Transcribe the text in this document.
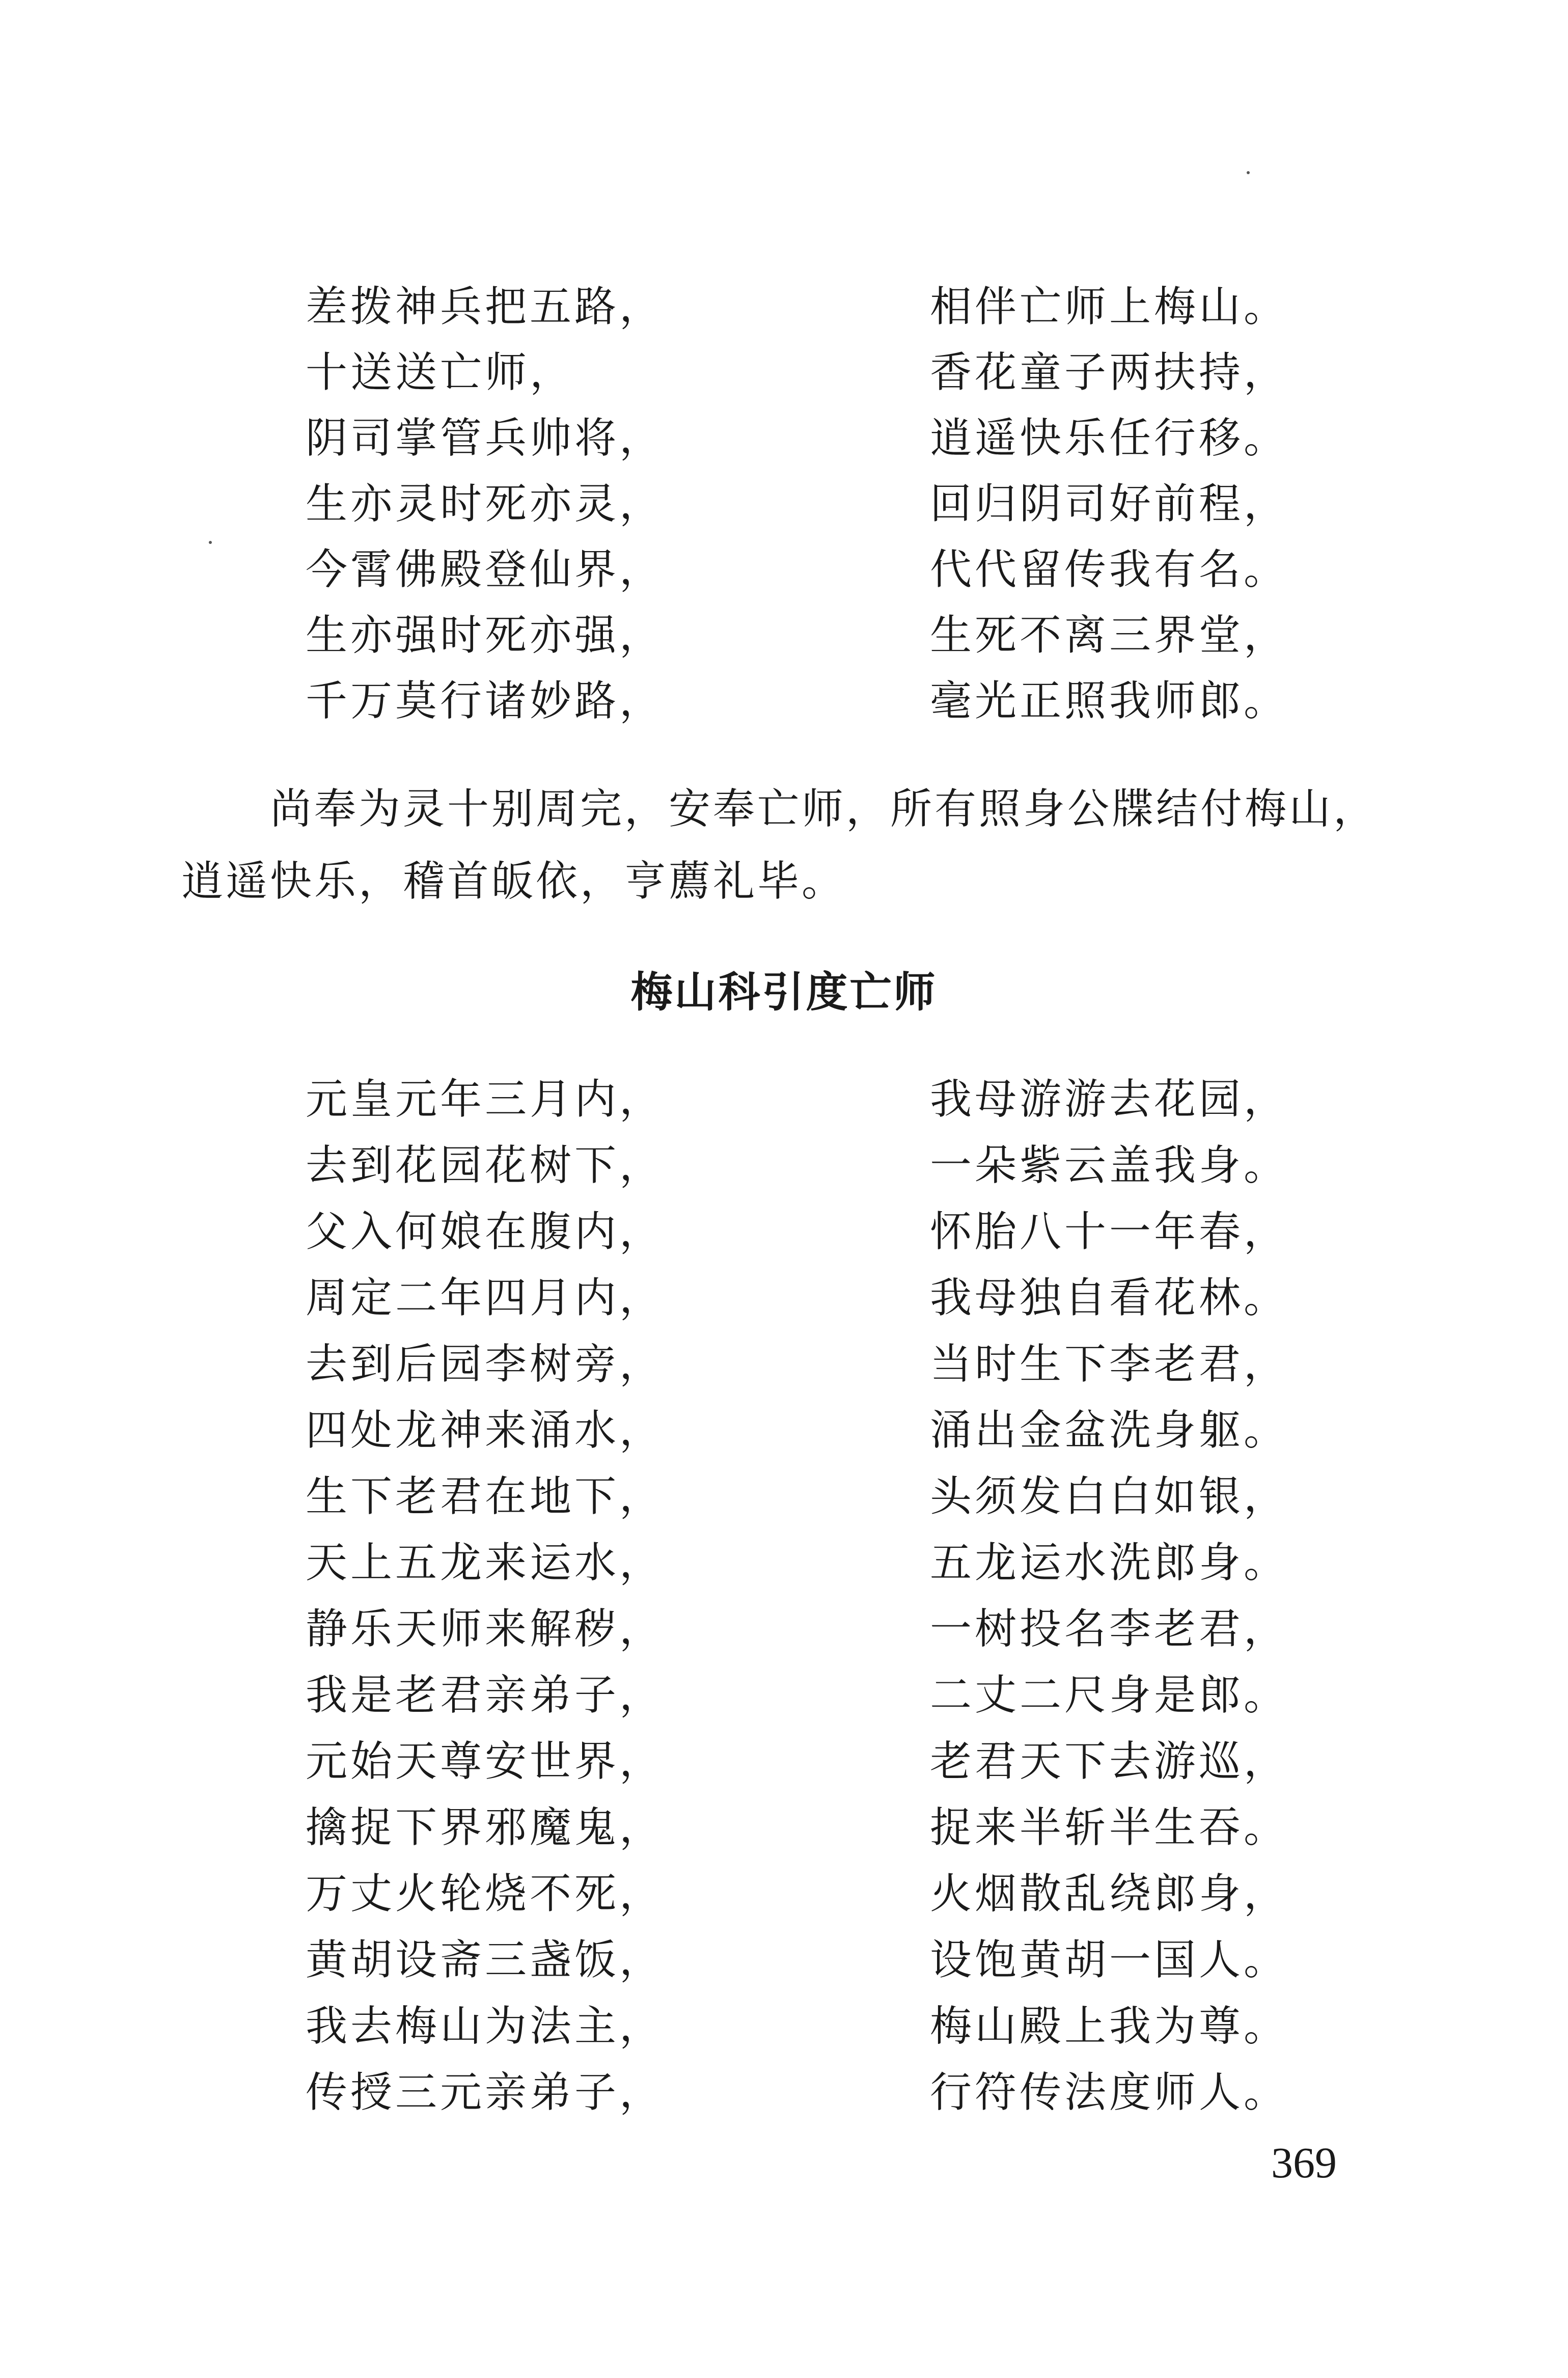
差拨神兵把五路，	相伴亡师上梅山。
十送送亡师，	香花童子两扶持，
阴司掌管兵帅将，	逍遥快乐任行移。
生亦灵时死亦灵，	回归阴司好前程，
今霄佛殿登仙界，	代代留传我有名。
生亦强时死亦强，	生死不离三界堂，
千万莫行诸妙路，	毫光正照我师郎。

尚奉为灵十别周完，安奉亡师，所有照身公牒结付梅山，逍遥快乐，稽首皈依，亨薦礼毕。

梅山科引度亡师
元皇元年三月内，	我母游游去花园，
去到花园花树下，	一朵紫云盖我身。
父入何娘在腹内，	怀胎八十一年春，
周定二年四月内，	我母独自看花林。
去到后园李树旁，	当时生下李老君，
四处龙神来涌水，	涌出金盆洗身躯。
生下老君在地下，	头须发白白如银，
天上五龙来运水，	五龙运水洗郎身。
静乐天师来解秽，	一树投名李老君，
我是老君亲弟子，	二丈二尺身是郎。
元始天尊安世界，	老君天下去游巡，
擒捉下界邪魔鬼，	捉来半斩半生吞。
万丈火轮烧不死，	火烟散乱绕郎身，
黄胡设斋三盏饭，	设饱黄胡一国人。
我去梅山为法主，	梅山殿上我为尊。
传授三元亲弟子，	行符传法度师人。
369
